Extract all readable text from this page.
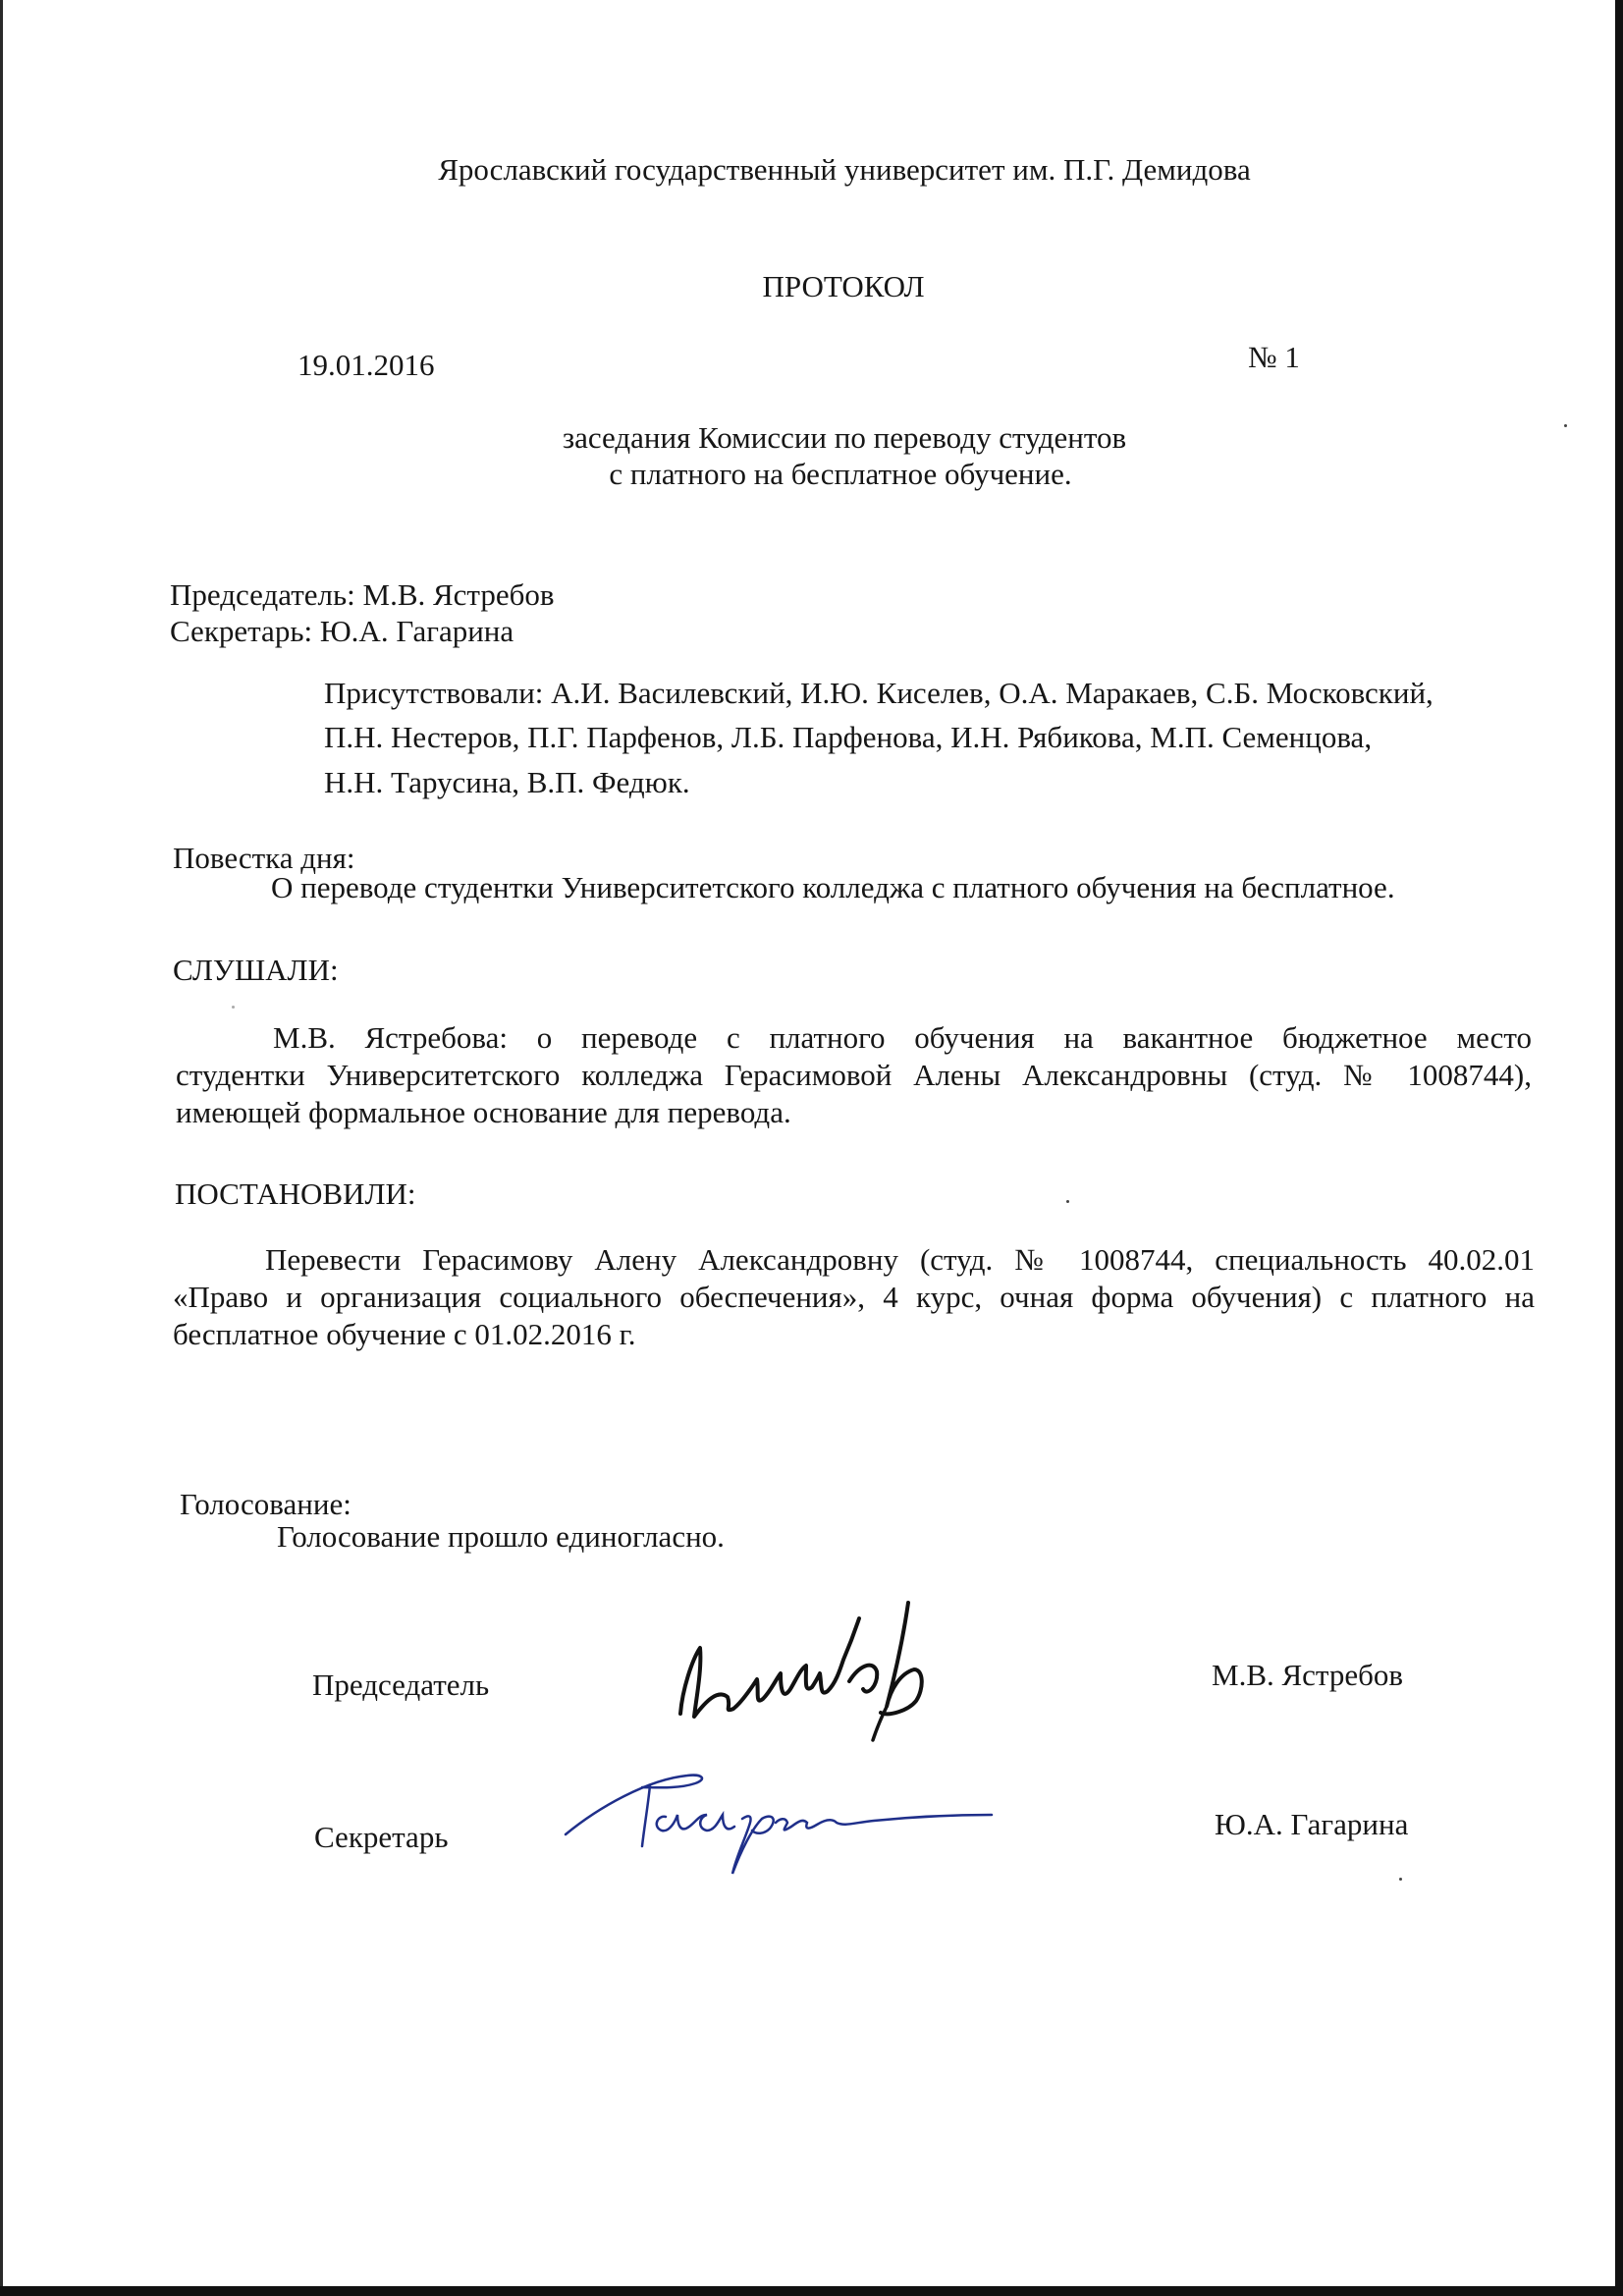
Ярославский государственный университет им. П.Г. Демидова
ПРОТОКОЛ
19.01.2016	№ 1
заседания Комиссии по переводу студентов
с платного на бесплатное обучение.
Председатель: М.В. Ястребов
Секретарь: Ю.А. Гагарина
Присутствовали: А.И. Василевский, И.Ю. Киселев, О.А. Маракаев, С.Б. Московский,
П.Н. Нестеров, П.Г. Парфенов, Л.Б. Парфенова, И.Н. Рябикова, М.П. Семенцова,
Н.Н. Тарусина, В.П. Федюк.
Повестка дня:
О переводе студентки Университетского колледжа с платного обучения на бесплатное.
СЛУШАЛИ:
М.В. Ястребова: о переводе с платного обучения на вакантное бюджетное место
студентки Университетского колледжа Герасимовой Алены Александровны (студ. № 1008744),
имеющей формальное основание для перевода.
ПОСТАНОВИЛИ:
Перевести Герасимову Алену Александровну (студ. № 1008744, специальность 40.02.01
«Право и организация социального обеспечения», 4 курс, очная форма обучения) с платного на
бесплатное обучение с 01.02.2016 г.
Голосование:
Голосование прошло единогласно.
Председатель	М.В. Ястребов
Секретарь	Ю.А. Гагарина
